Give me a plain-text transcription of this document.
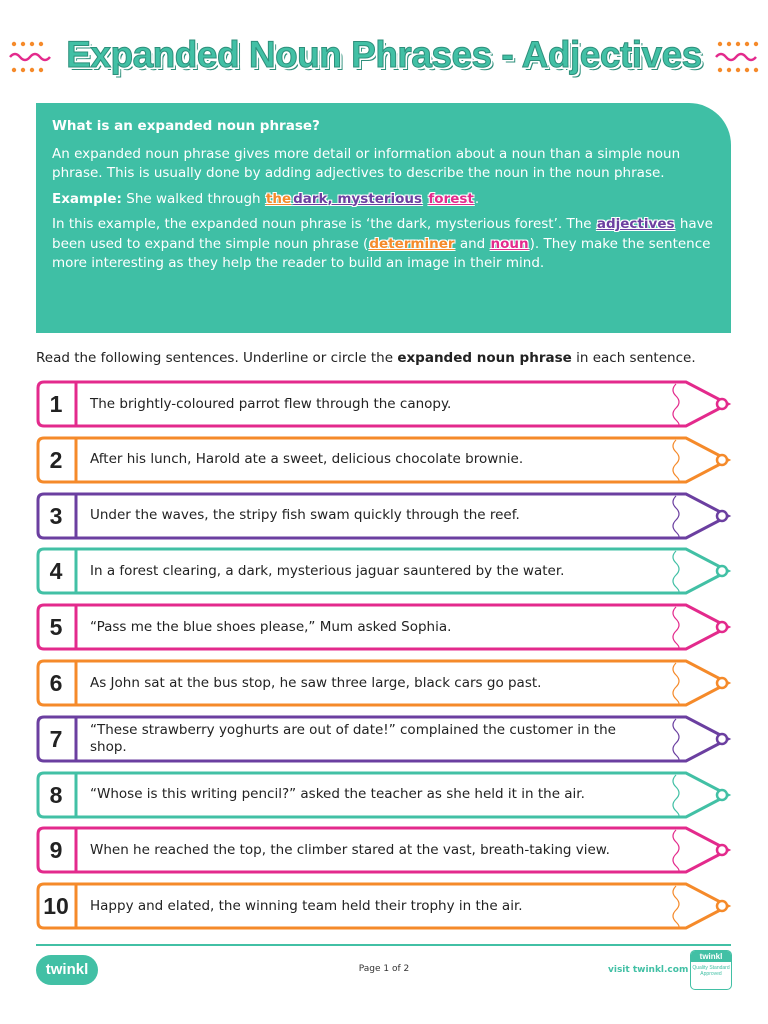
Expanded Noun Phrases - Adjectives

What is an expanded noun phrase?

An expanded noun phrase gives more detail or information about a noun than a simple noun phrase. This is usually done by adding adjectives to describe the noun in the noun phrase.

Example: She walked through the dark, mysterious forest.

In this example, the expanded noun phrase is ‘the dark, mysterious forest’. The adjectives have been used to expand the simple noun phrase (determiner and noun). They make the sentence more interesting as they help the reader to build an image in their mind.

Read the following sentences. Underline or circle the expanded noun phrase in each sentence.
1	The brightly-coloured parrot flew through the canopy.
2	After his lunch, Harold ate a sweet, delicious chocolate brownie.
3	Under the waves, the stripy fish swam quickly through the reef.
4	In a forest clearing, a dark, mysterious jaguar sauntered by the water.
5	“Pass me the blue shoes please,” Mum asked Sophia.
6	As John sat at the bus stop, he saw three large, black cars go past.
7	“These strawberry yoghurts are out of date!” complained the customer in the shop.
8	“Whose is this writing pencil?” asked the teacher as she held it in the air.
9	When he reached the top, the climber stared at the vast, breath-taking view.
10	Happy and elated, the winning team held their trophy in the air.
twinkl	Page 1 of 2	visit twinkl.com
twinkl
Quality Standard Approved
